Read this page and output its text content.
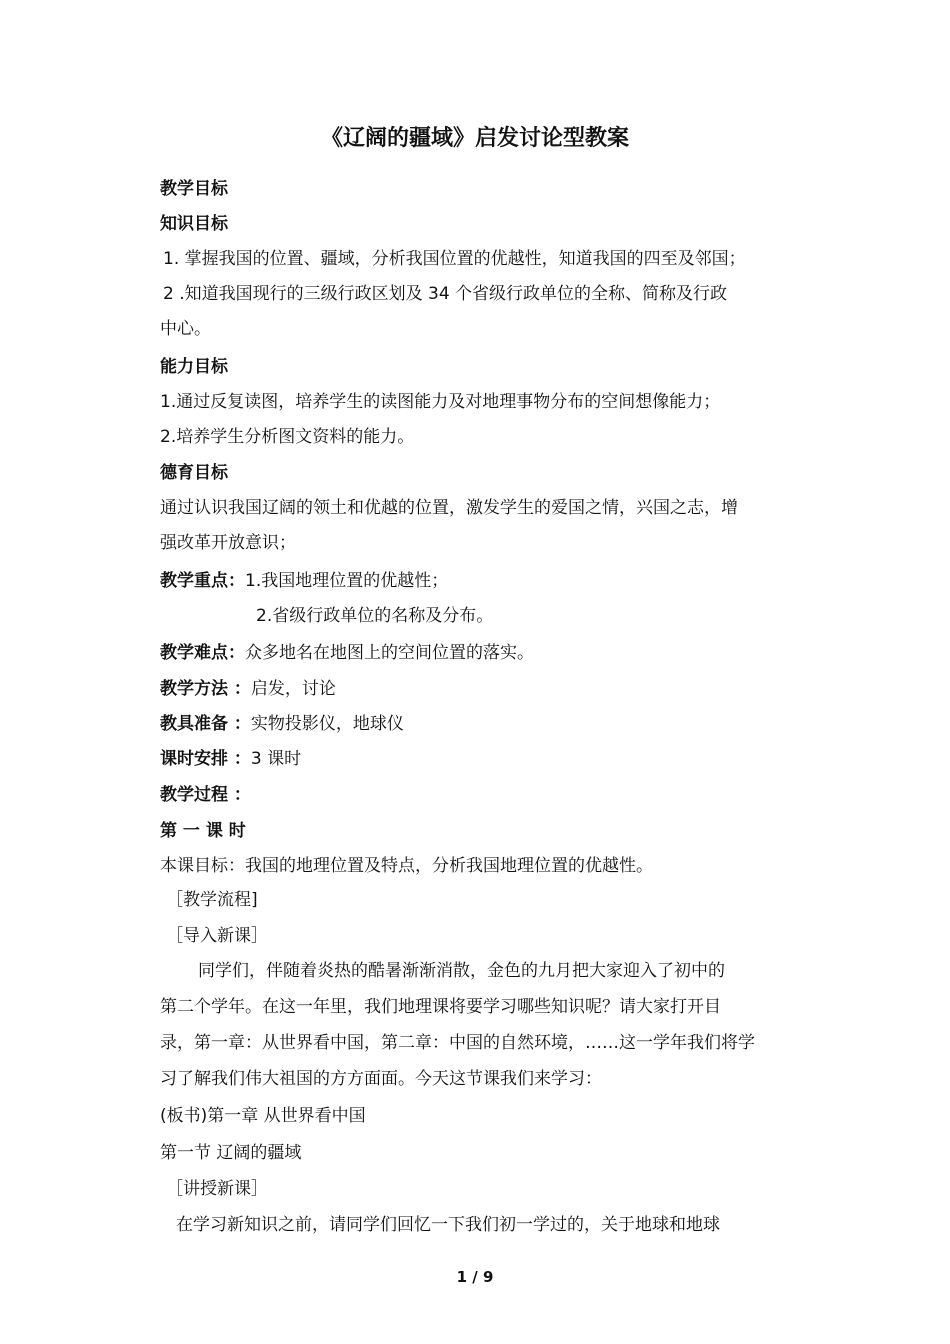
《辽阔的疆域》启发讨论型教案
教学目标
知识目标
1. 掌握我国的位置、疆域，分析我国位置的优越性，知道我国的四至及邻国；
2 .知道我国现行的三级行政区划及 34 个省级行政单位的全称、简称及行政
中心。
能力目标
1.通过反复读图，培养学生的读图能力及对地理事物分布的空间想像能力；
2.培养学生分析图文资料的能力。
德育目标
通过认识我国辽阔的领土和优越的位置，激发学生的爱国之情，兴国之志，增
强改革开放意识；
教学重点：1.我国地理位置的优越性；
2.省级行政单位的名称及分布。
教学难点：众多地名在地图上的空间位置的落实。
教学方法 ：启发，讨论
教具准备 ：实物投影仪，地球仪
课时安排 ：3 课时
教学过程 ：
第 一 课 时
本课目标：我国的地理位置及特点，分析我国地理位置的优越性。
［教学流程]
［导入新课］
同学们，伴随着炎热的酷暑渐渐消散，金色的九月把大家迎入了初中的
第二个学年。在这一年里，我们地理课将要学习哪些知识呢？请大家打开目
录，第一章：从世界看中国，第二章：中国的自然环境，……这一学年我们将学
习了解我们伟大祖国的方方面面。今天这节课我们来学习：
(板书)第一章 从世界看中国
第一节 辽阔的疆域
［讲授新课］
在学习新知识之前，请同学们回忆一下我们初一学过的，关于地球和地球
1 / 9
